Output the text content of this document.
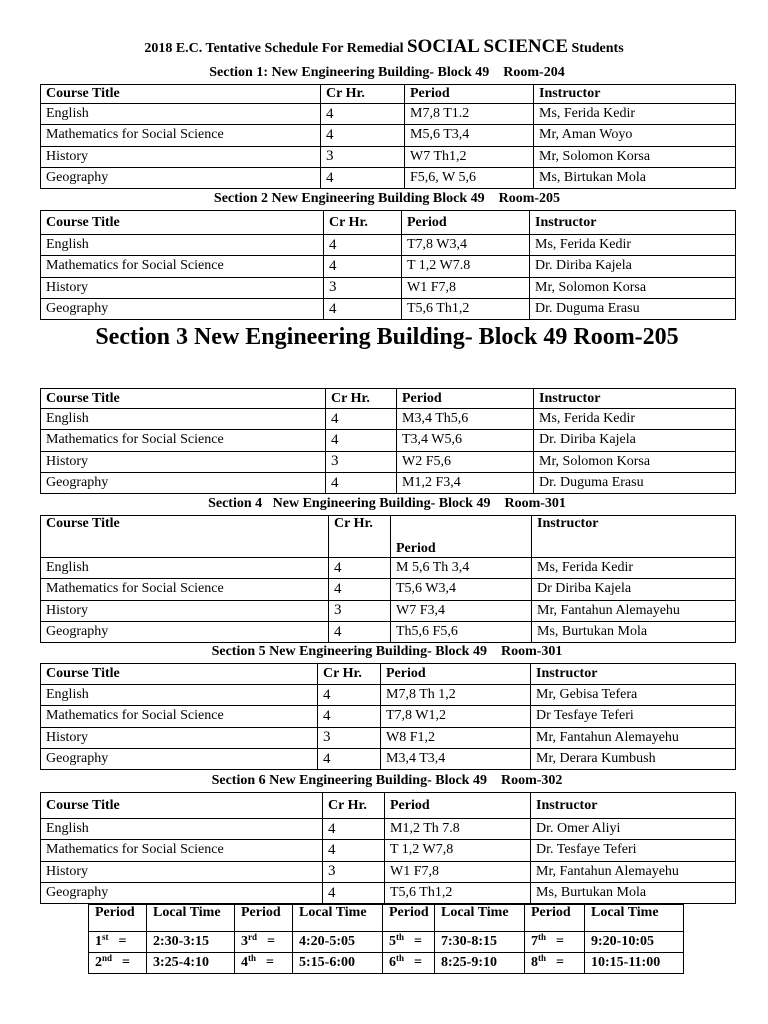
2018 E.C. Tentative Schedule For Remedial SOCIAL SCIENCE Students
Section 1: New Engineering Building- Block 49    Room-204
Course Title	Cr Hr.	Period	Instructor
English	4	M7,8 T1.2	Ms, Ferida Kedir
Mathematics for Social Science	4	M5,6 T3,4	Mr, Aman Woyo
History	3	W7 Th1,2	Mr, Solomon Korsa
Geography	4	F5,6, W 5,6	Ms, Birtukan Mola
Section 2 New Engineering Building Block 49    Room-205
Course Title	Cr Hr.	Period	Instructor
English	4	T7,8 W3,4	Ms, Ferida Kedir
Mathematics for Social Science	4	T 1,2 W7.8	Dr. Diriba Kajela
History	3	W1 F7,8	Mr, Solomon Korsa
Geography	4	T5,6 Th1,2	Dr. Duguma Erasu
Section 3 New Engineering Building- Block 49 Room-205
Course Title	Cr Hr.	Period	Instructor
English	4	M3,4 Th5,6	Ms, Ferida Kedir
Mathematics for Social Science	4	T3,4 W5,6	Dr. Diriba Kajela
History	3	W2 F5,6	Mr, Solomon Korsa
Geography	4	M1,2 F3,4	Dr. Duguma Erasu
Section 4   New Engineering Building- Block 49    Room-301
Course Title	Cr Hr.	Period	Instructor
English	4	M 5,6 Th 3,4	Ms, Ferida Kedir
Mathematics for Social Science	4	T5,6 W3,4	Dr Diriba Kajela
History	3	W7 F3,4	Mr, Fantahun Alemayehu
Geography	4	Th5,6 F5,6	Ms, Burtukan Mola
Section 5 New Engineering Building- Block 49    Room-301
Course Title	Cr Hr.	Period	Instructor
English	4	M7,8 Th 1,2	Mr, Gebisa Tefera
Mathematics for Social Science	4	T7,8 W1,2	Dr Tesfaye Teferi
History	3	W8 F1,2	Mr, Fantahun Alemayehu
Geography	4	M3,4 T3,4	Mr, Derara Kumbush
Section 6 New Engineering Building- Block 49    Room-302
Course Title	Cr Hr.	Period	Instructor
English	4	M1,2 Th 7.8	Dr. Omer Aliyi
Mathematics for Social Science	4	T 1,2 W7,8	Dr. Tesfaye Teferi
History	3	W1 F7,8	Mr, Fantahun Alemayehu
Geography	4	T5,6 Th1,2	Ms, Burtukan Mola
Period	Local Time	Period	Local Time	Period	Local Time	Period	Local Time
1st =	2:30-3:15	3rd =	4:20-5:05	5th =	7:30-8:15	7th =	9:20-10:05
2nd =	3:25-4:10	4th =	5:15-6:00	6th =	8:25-9:10	8th =	10:15-11:00
